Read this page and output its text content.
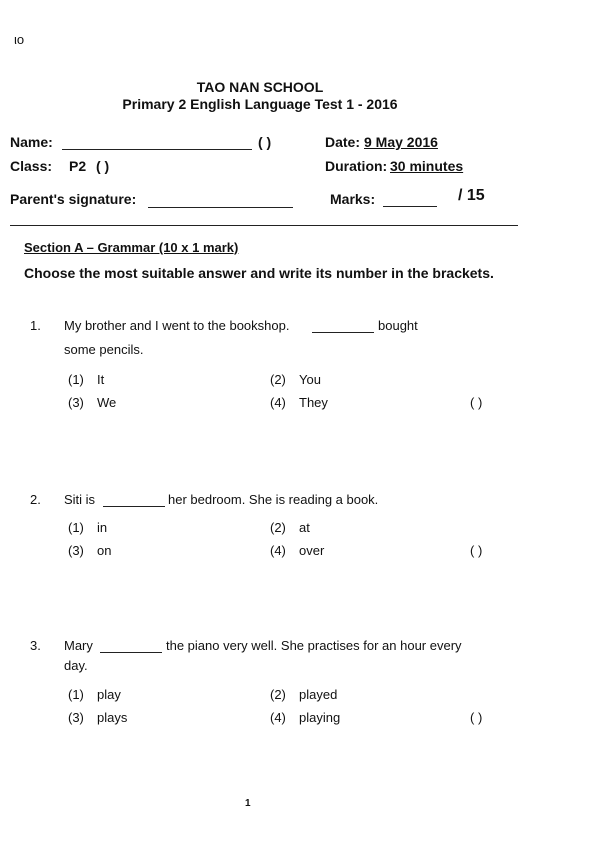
ιο
TAO NAN SCHOOL
Primary 2 English Language Test 1 - 2016
Name:	( )	Date: 9 May 2016
Class: P2 ( )	Duration: 30 minutes
Parent's signature:	Marks:	/ 15
Section A – Grammar (10 x 1 mark)
Choose the most suitable answer and write its number in the brackets.
1. My brother and I went to the bookshop.	bought
some pencils.
(1) It	(2) You
(3) We	(4) They	( )
2. Siti is	her bedroom. She is reading a book.
(1) in	(2) at
(3) on	(4) over	( )
3. Mary	the piano very well. She practises for an hour every
day.
(1) play	(2) played
(3) plays	(4) playing	( )
1
